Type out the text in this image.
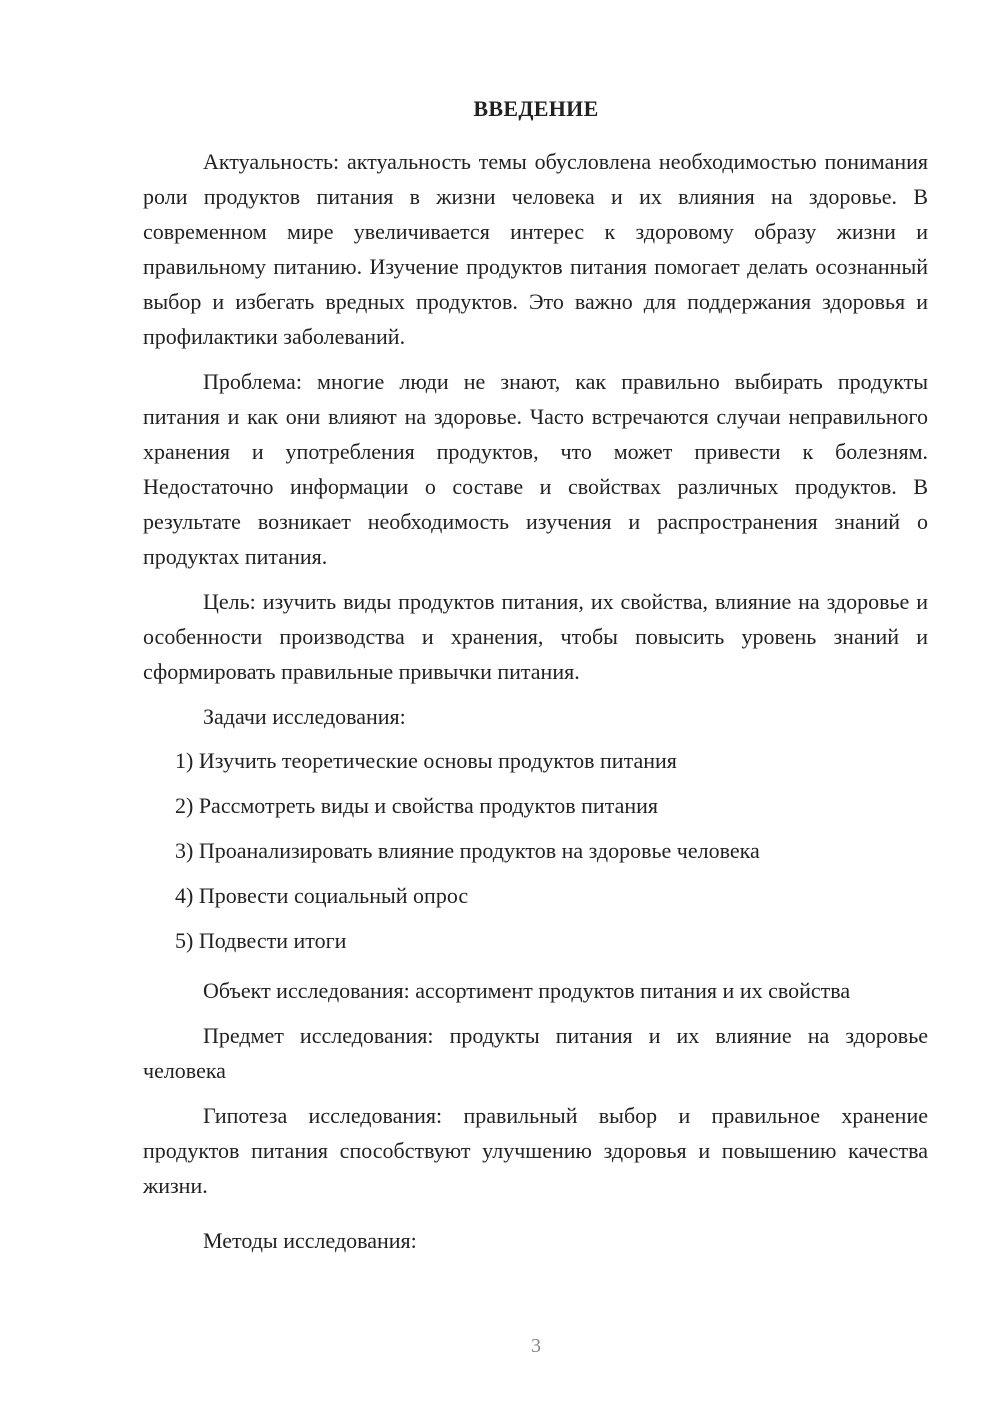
ВВЕДЕНИЕ

Актуальность: актуальность темы обусловлена необходимостью понимания роли продуктов питания в жизни человека и их влияния на здоровье. В современном мире увеличивается интерес к здоровому образу жизни и правильному питанию. Изучение продуктов питания помогает делать осознанный выбор и избегать вредных продуктов. Это важно для поддержания здоровья и профилактики заболеваний.

Проблема: многие люди не знают, как правильно выбирать продукты питания и как они влияют на здоровье. Часто встречаются случаи неправильного хранения и употребления продуктов, что может привести к болезням. Недостаточно информации о составе и свойствах различных продуктов. В результате возникает необходимость изучения и распространения знаний о продуктах питания.

Цель: изучить виды продуктов питания, их свойства, влияние на здоровье и особенности производства и хранения, чтобы повысить уровень знаний и сформировать правильные привычки питания.

Задачи исследования:

1) Изучить теоретические основы продуктов питания

2) Рассмотреть виды и свойства продуктов питания

3) Проанализировать влияние продуктов на здоровье человека

4) Провести социальный опрос

5) Подвести итоги

Объект исследования: ассортимент продуктов питания и их свойства

Предмет исследования: продукты питания и их влияние на здоровье человека

Гипотеза исследования: правильный выбор и правильное хранение продуктов питания способствуют улучшению здоровья и повышению качества жизни.

Методы исследования:

3
